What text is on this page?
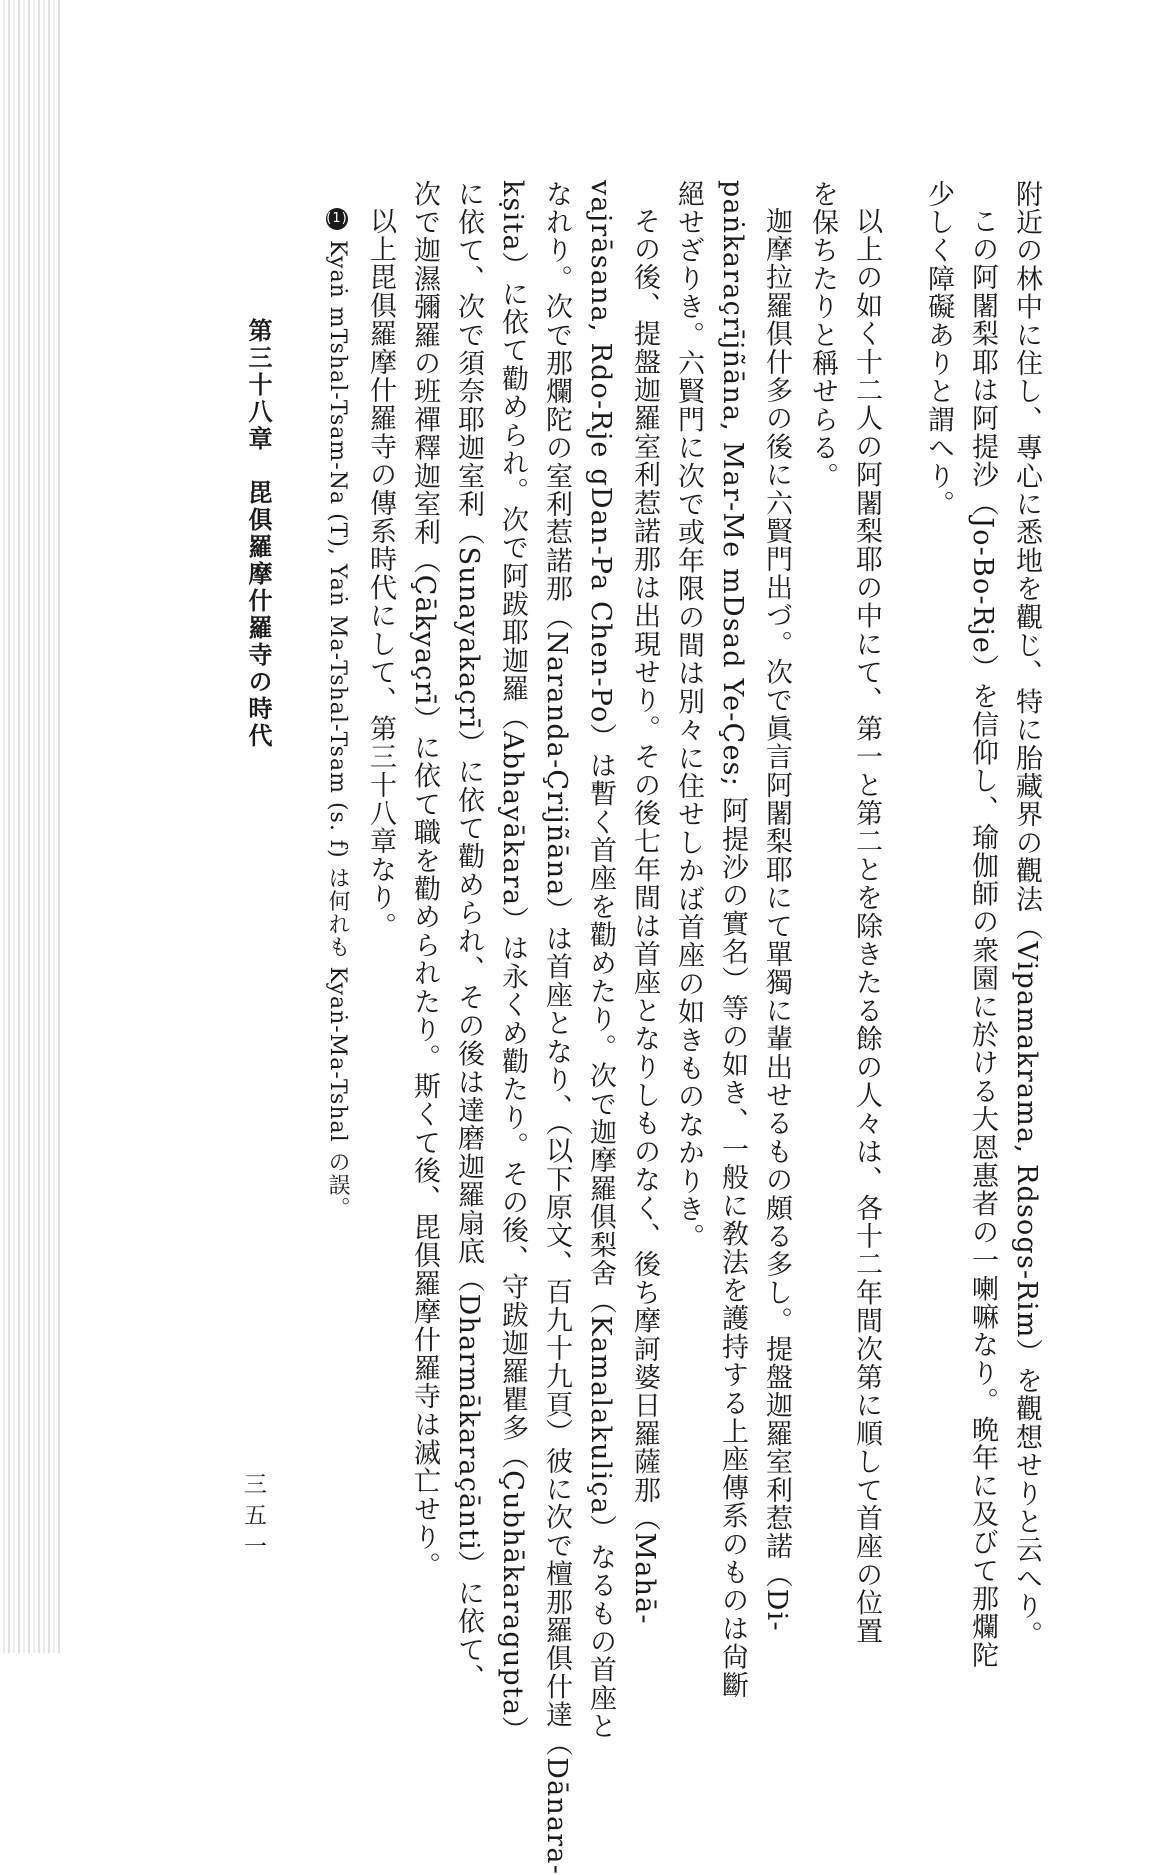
少しく障礙ありと謂へり。 この阿闍梨耶は阿提沙（Jo-Bo-Rje）を信仰し、瑜伽師の衆園に於ける大恩惠者の一喇嘛なり。晩年に及びて那爛陀 附近の林中に住し、專心に悉地を觀じ、特に胎藏界の觀法（Vipamakrama, Rdsogs-Rim）を觀想せりと云へり。
以上の如く十二人の阿闍梨耶の中にて、第一と第二とを除きたる餘の人々は、各十二年間次第に順して首座の位置
を保ちたりと稱せらる。
迦摩拉羅俱什多の後に六賢門出づ。次で眞言阿闍梨耶にて單獨に輩出せるもの頗る多し。提盤迦羅室利惹諾（Di-
paṅkaraçrījñāna, Mar-Me mDsad Ye-Çes; 阿提沙の實名）等の如き、一般に敎法を護持する上座傳系のものは尙斷
絕せざりき。六賢門に次で或年限の間は別々に住せしかば首座の如きものなかりき。
その後、提盤迦羅室利惹諾那は出現せり。その後七年間は首座となりしものなく、後ち摩訶婆日羅薩那（Mahā-
vajrāsana, Rdo-Rje gDan-Pa Chen-Po）は暫く首座を勸めたり。次で迦摩羅俱梨舍（Kamalakuliça）なるもの首座と
なれり。次で那爛陀の室利惹諾那（Naranda-Çrijñāna）は首座となり、（以下原文、百九十九頁）彼に次で檀那羅俱什達（Dānara-
kṣita）に依て勸められ。次で阿跋耶迦羅（Abhayākara）は永くめ勸たり。その後、守跋迦羅瞿多（Çubhākaragupta）
に依て、次で須奈耶迦室利（Sunayakaçrī）に依て勸められ、その後は達磨迦羅扇底（Dharmākaraçānti）に依て、
次で迦濕彌羅の班禪釋迦室利（Çākyaçrī）に依て職を勸められたり。斯くて後、毘俱羅摩什羅寺は滅亡せり。
以上毘俱羅摩什羅寺の傳系時代にして、第三十八章なり。
(1)Kyaṅ mTshal-Tsam-Na (T), Yaṅ Ma-Tshal-Tsam (s. f) は何れも Kyaṅ-Ma-Tshal の誤。
第三十八章　毘俱羅摩什羅寺の時代
三五一
